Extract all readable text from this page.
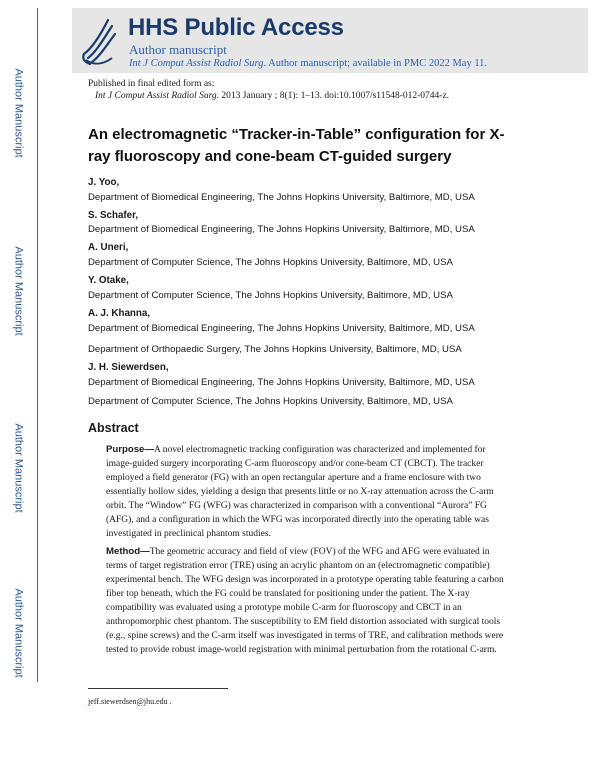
Author Manuscript
Author Manuscript
Author Manuscript
Author Manuscript
HHS Public Access
Author manuscript
Int J Comput Assist Radiol Surg. Author manuscript; available in PMC 2022 May 11.
Published in final edited form as:
Int J Comput Assist Radiol Surg. 2013 January ; 8(1): 1–13. doi:10.1007/s11548-012-0744-z.
An electromagnetic “Tracker-in-Table” configuration for X-ray fluoroscopy and cone-beam CT-guided surgery
J. Yoo,
Department of Biomedical Engineering, The Johns Hopkins University, Baltimore, MD, USA
S. Schafer,
Department of Biomedical Engineering, The Johns Hopkins University, Baltimore, MD, USA
A. Uneri,
Department of Computer Science, The Johns Hopkins University, Baltimore, MD, USA
Y. Otake,
Department of Computer Science, The Johns Hopkins University, Baltimore, MD, USA
A. J. Khanna,
Department of Biomedical Engineering, The Johns Hopkins University, Baltimore, MD, USA
Department of Orthopaedic Surgery, The Johns Hopkins University, Baltimore, MD, USA
J. H. Siewerdsen,
Department of Biomedical Engineering, The Johns Hopkins University, Baltimore, MD, USA
Department of Computer Science, The Johns Hopkins University, Baltimore, MD, USA
Abstract
Purpose—A novel electromagnetic tracking configuration was characterized and implemented for image-guided surgery incorporating C-arm fluoroscopy and/or cone-beam CT (CBCT). The tracker employed a field generator (FG) with an open rectangular aperture and a frame enclosure with two essentially hollow sides, yielding a design that presents little or no X-ray attenuation across the C-arm orbit. The “Window” FG (WFG) was characterized in comparison with a conventional “Aurora” FG (AFG), and a configuration in which the WFG was incorporated directly into the operating table was investigated in preclinical phantom studies.
Method—The geometric accuracy and field of view (FOV) of the WFG and AFG were evaluated in terms of target registration error (TRE) using an acrylic phantom on an (electromagnetic compatible) experimental bench. The WFG design was incorporated in a prototype operating table featuring a carbon fiber top beneath, which the FG could be translated for positioning under the patient. The X-ray compatibility was evaluated using a prototype mobile C-arm for fluoroscopy and CBCT in an anthropomorphic chest phantom. The susceptibility to EM field distortion associated with surgical tools (e.g., spine screws) and the C-arm itself was investigated in terms of TRE, and calibration methods were tested to provide robust image-world registration with minimal perturbation from the rotational C-arm.
jeff.siewerdsen@jhu.edu .
